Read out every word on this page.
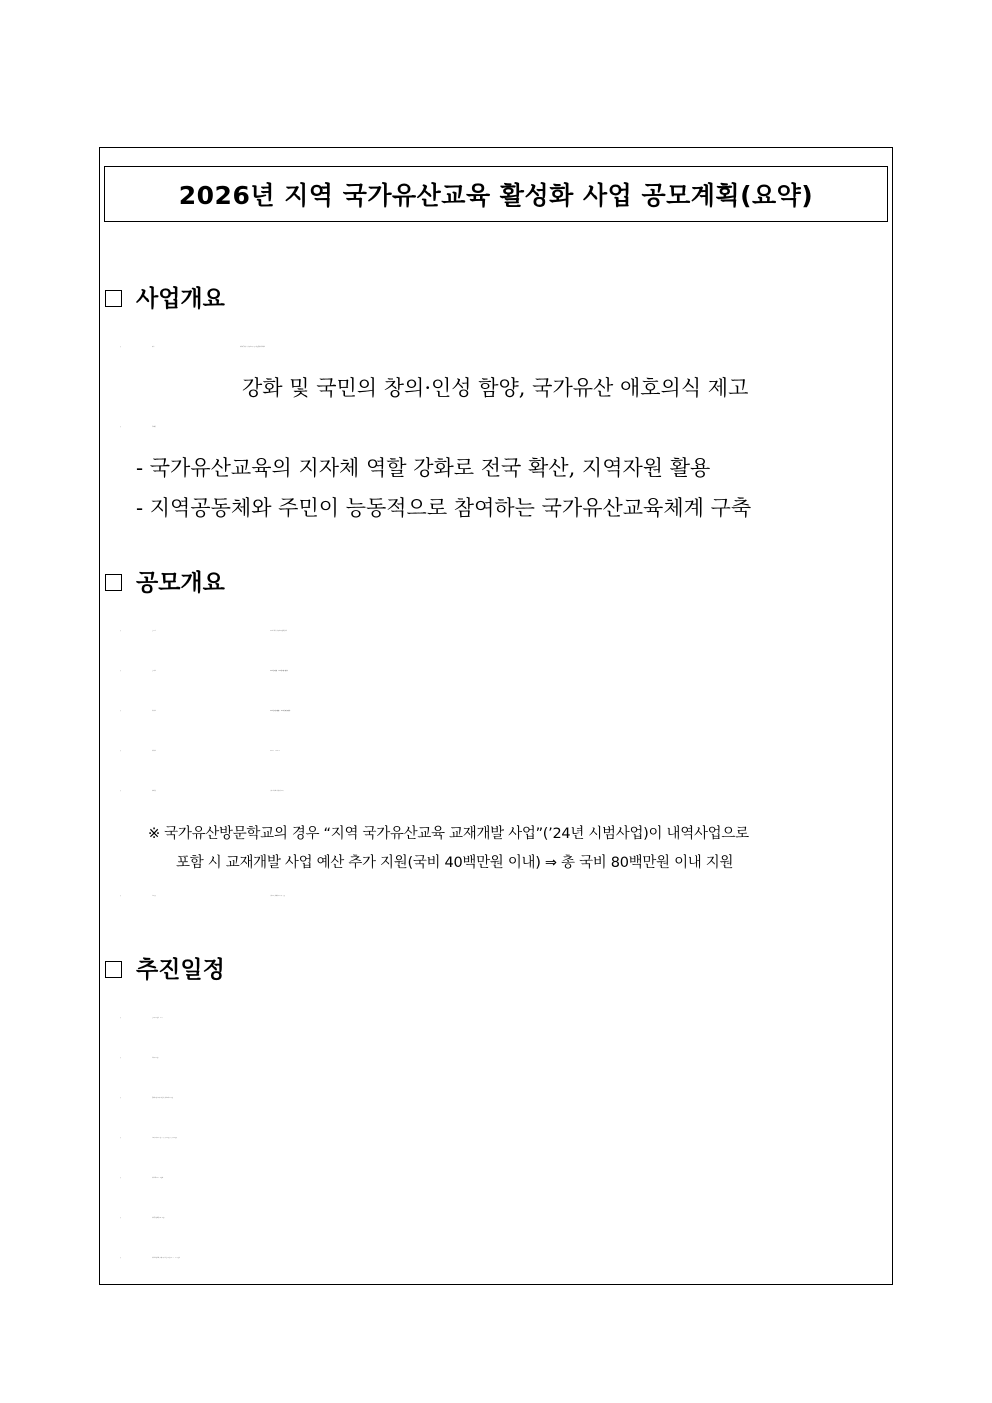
2026년 지역 국가유산교육 활성화 사업 공모계획(요약)
사업개요
○
강화 및 국민의 창의·인성 함양, 국가유산 애호의식 제고
○
- 국가유산교육의 지자체 역할 강화로 전국 확산, 지역자원 활용
- 지역공동체와 주민이 능동적으로 참여하는 국가유산교육체계 구축
공모개요
○
○
○
○
○
※ 국가유산방문학교의 경우 “지역 국가유산교육 교재개발 사업”(’24년 시범사업)이 내역사업으로
포함 시 교재개발 사업 예산 추가 지원(국비 40백만원 이내) ⇒ 총 국비 80백만원 이내 지원
○
추진일정
○
○
○
○
○
○
○
